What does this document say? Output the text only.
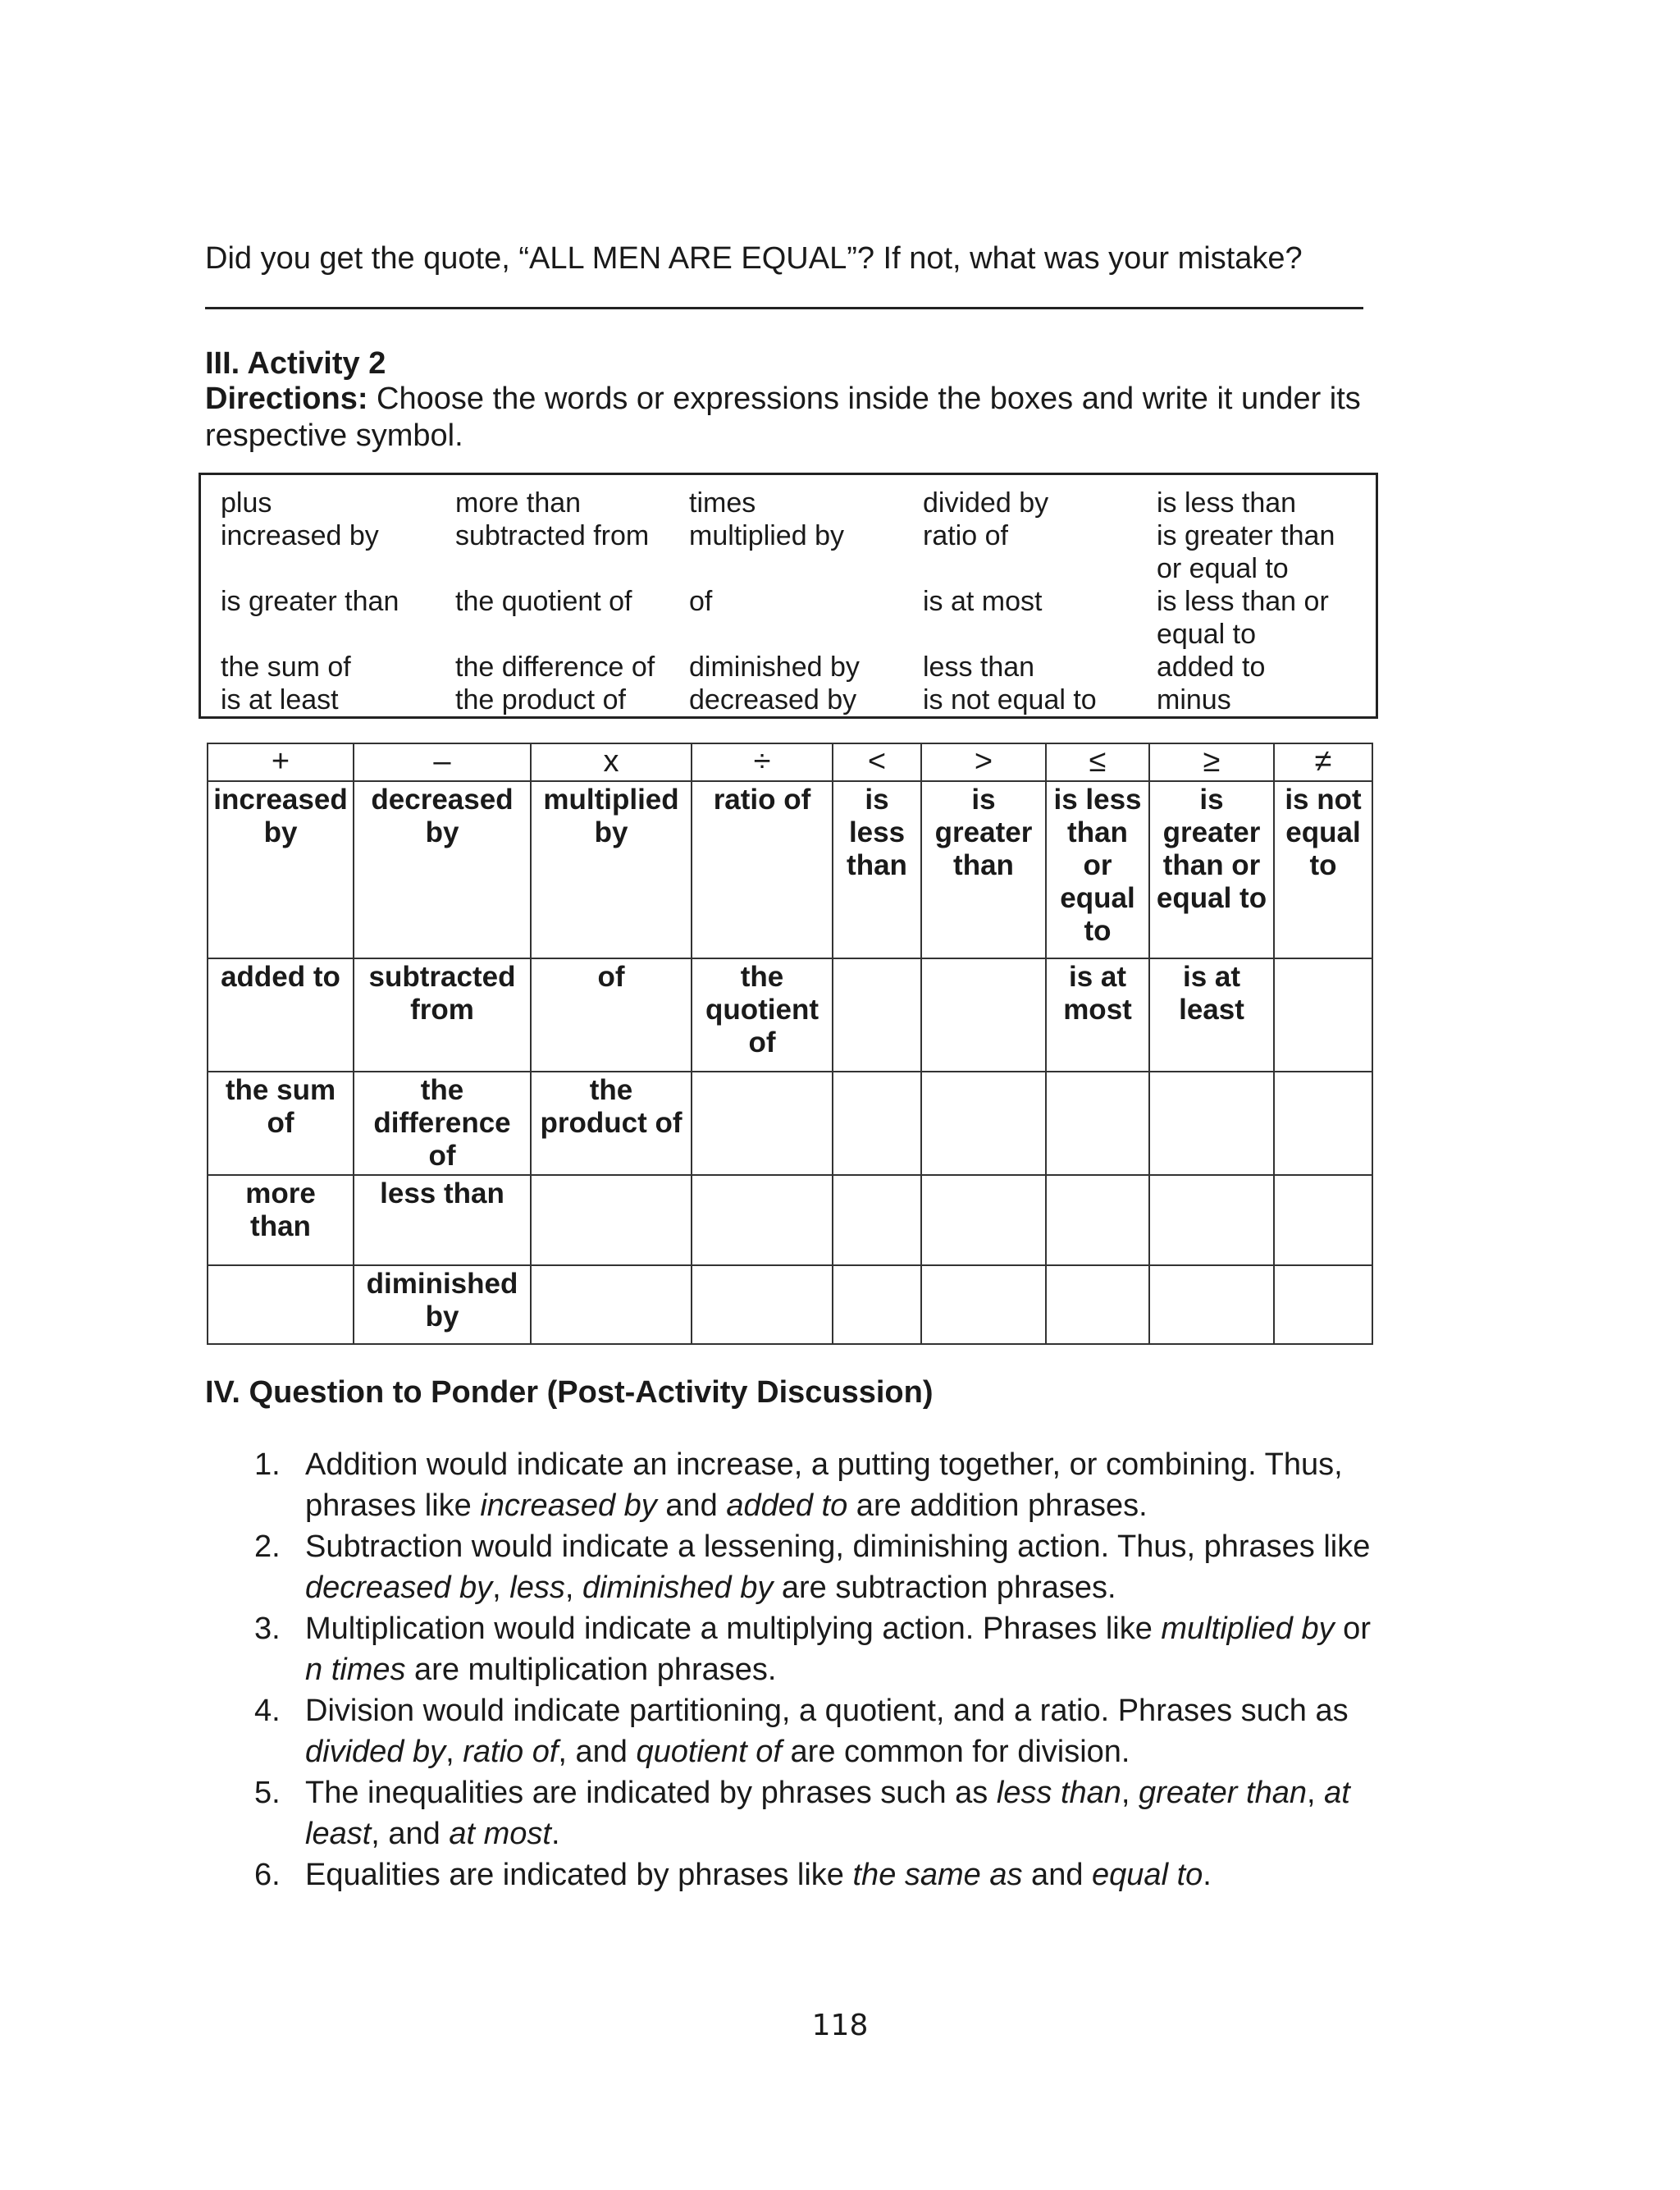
Did you get the quote, “ALL MEN ARE EQUAL”? If not, what was your mistake?
III. Activity 2
Directions: Choose the words or expressions inside the boxes and write it under its respective symbol.
plus
increased by
is greater than
the sum of
is at least
more than
subtracted from
the quotient of
the difference of
the product of
times
multiplied by
of
diminished by
decreased by
divided by
ratio of
is at most
less than
is not equal to
is less than
is greater than or equal to
is less than or equal to
added to
minus
+	–	x	÷	<	>	≤	≥	≠
increased by	decreased by	multiplied by	ratio of	is less than	is greater than	is less than or equal to	is greater than or equal to	is not equal to
added to	subtracted from	of	the quotient of			is at most	is at least	
the sum of	the difference of	the product of						
more than	less than							
	diminished by							
IV. Question to Ponder (Post-Activity Discussion)
1. Addition would indicate an increase, a putting together, or combining. Thus, phrases like increased by and added to are addition phrases.
2. Subtraction would indicate a lessening, diminishing action. Thus, phrases like decreased by, less, diminished by are subtraction phrases.
3. Multiplication would indicate a multiplying action. Phrases like multiplied by or n times are multiplication phrases.
4. Division would indicate partitioning, a quotient, and a ratio. Phrases such as divided by, ratio of, and quotient of are common for division.
5. The inequalities are indicated by phrases such as less than, greater than, at least, and at most.
6. Equalities are indicated by phrases like the same as and equal to.
118
